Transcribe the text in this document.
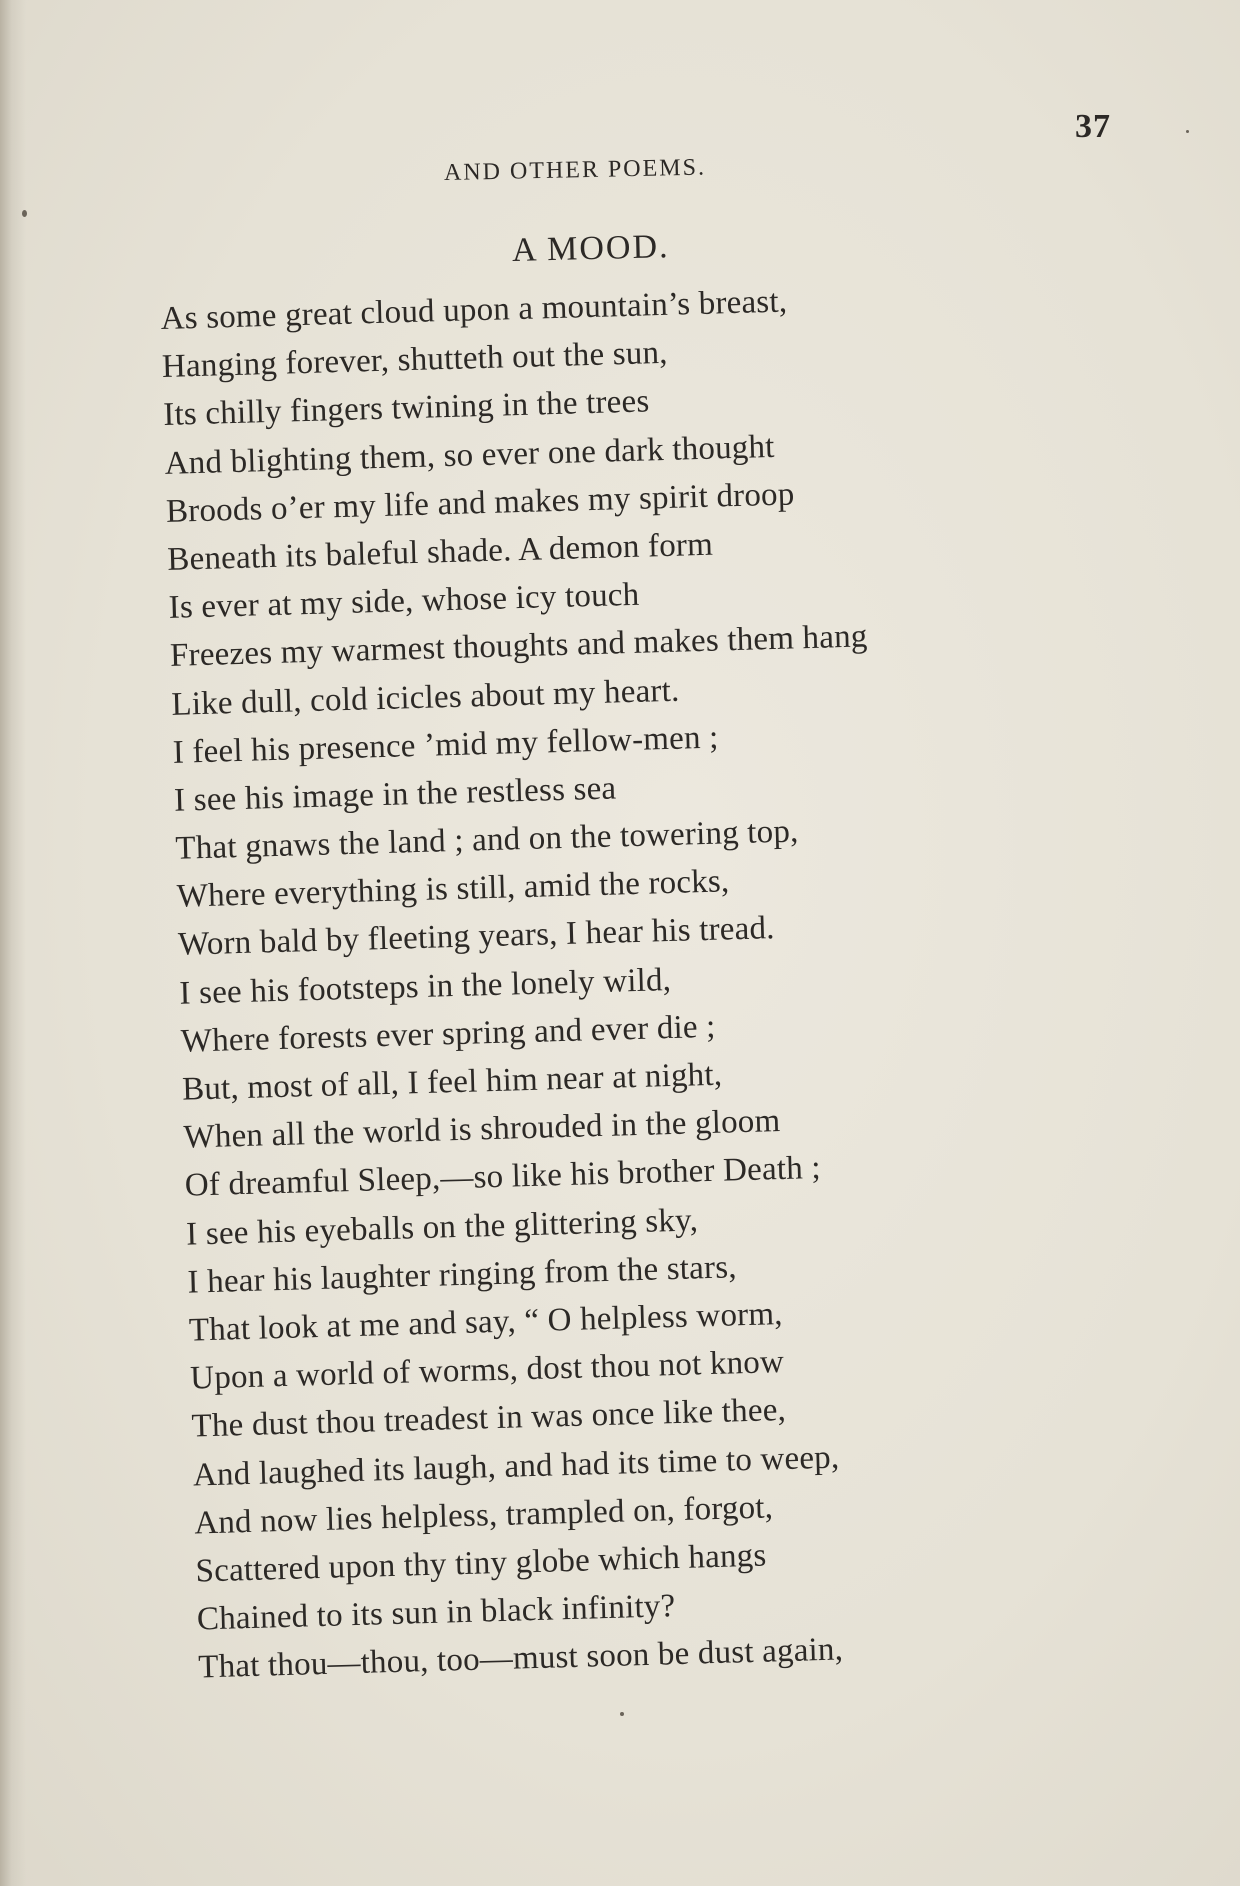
37
AND OTHER POEMS.
A MOOD.
As some great cloud upon a mountain’s breast,
Hanging forever, shutteth out the sun,
Its chilly fingers twining in the trees
And blighting them, so ever one dark thought
Broods o’er my life and makes my spirit droop
Beneath its baleful shade. A demon form
Is ever at my side, whose icy touch
Freezes my warmest thoughts and makes them hang
Like dull, cold icicles about my heart.
I feel his presence ’mid my fellow-men ;
I see his image in the restless sea
That gnaws the land ; and on the towering top,
Where everything is still, amid the rocks,
Worn bald by fleeting years, I hear his tread.
I see his footsteps in the lonely wild,
Where forests ever spring and ever die ;
But, most of all, I feel him near at night,
When all the world is shrouded in the gloom
Of dreamful Sleep,—so like his brother Death ;
I see his eyeballs on the glittering sky,
I hear his laughter ringing from the stars,
That look at me and say, “ O helpless worm,
Upon a world of worms, dost thou not know
The dust thou treadest in was once like thee,
And laughed its laugh, and had its time to weep,
And now lies helpless, trampled on, forgot,
Scattered upon thy tiny globe which hangs
Chained to its sun in black infinity?
That thou—thou, too—must soon be dust again,
